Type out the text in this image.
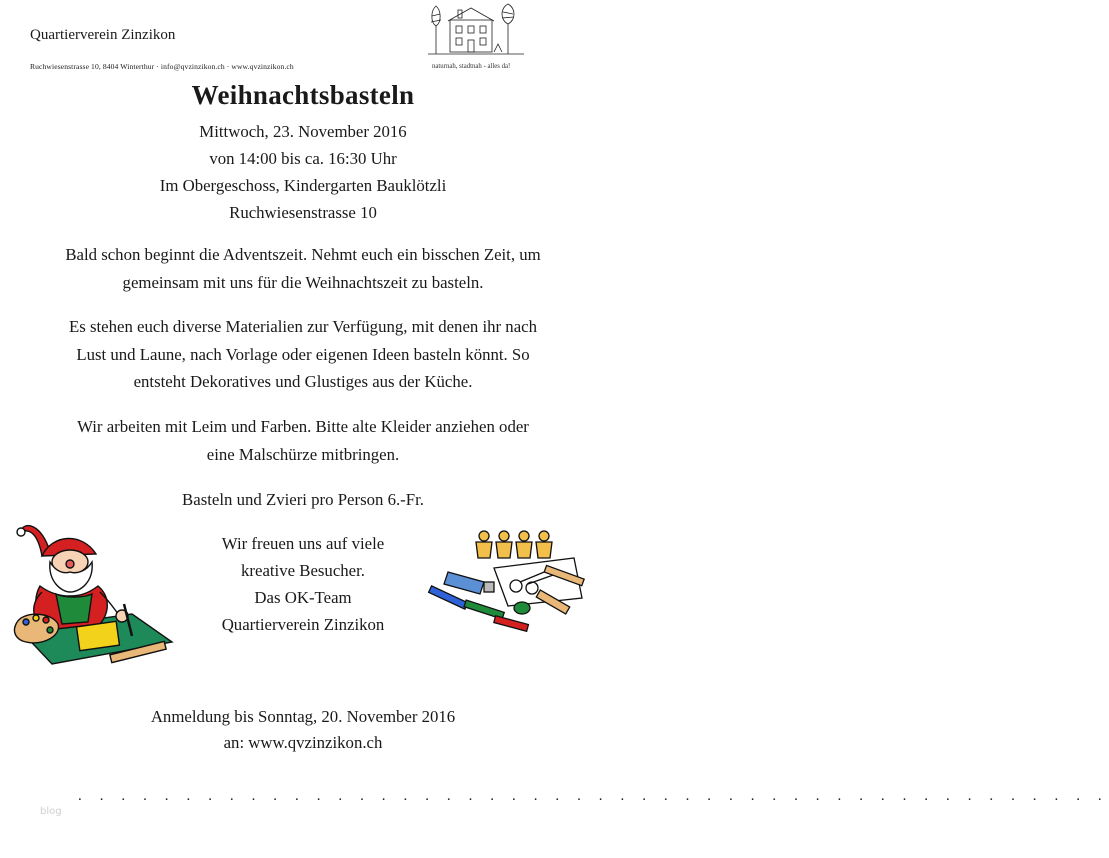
Quartierverein Zinzikon
Ruchwiesenstrasse 10, 8404 Winterthur · info@qvzinzikon.ch · www.qvzinzikon.ch	naturnah, stadtnah - alles da!
Weihnachtsbasteln
Mittwoch, 23. November 2016
von 14:00 bis ca. 16:30 Uhr
Im Obergeschoss, Kindergarten Bauklötzli
Ruchwiesenstrasse 10
Bald schon beginnt die Adventszeit. Nehmt euch ein bisschen Zeit, um
gemeinsam mit uns für die Weihnachtszeit zu basteln.
Es stehen euch diverse Materialien zur Verfügung, mit denen ihr nach
Lust und Laune, nach Vorlage oder eigenen Ideen basteln könnt. So
entsteht Dekoratives und Glustiges aus der Küche.
Wir arbeiten mit Leim und Farben. Bitte alte Kleider anziehen oder
eine Malschürze mitbringen.
Basteln und Zvieri pro Person 6.-Fr.
Wir freuen uns auf viele
kreative Besucher.
Das OK-Team
Quartierverein Zinzikon
Anmeldung bis Sonntag, 20. November 2016
an: www.qvzinzikon.ch
. . . . . . . . . . . . . . . . . . . . . . . . . . . . . . . . . . . . . . . . . . . . . . . .
blog
